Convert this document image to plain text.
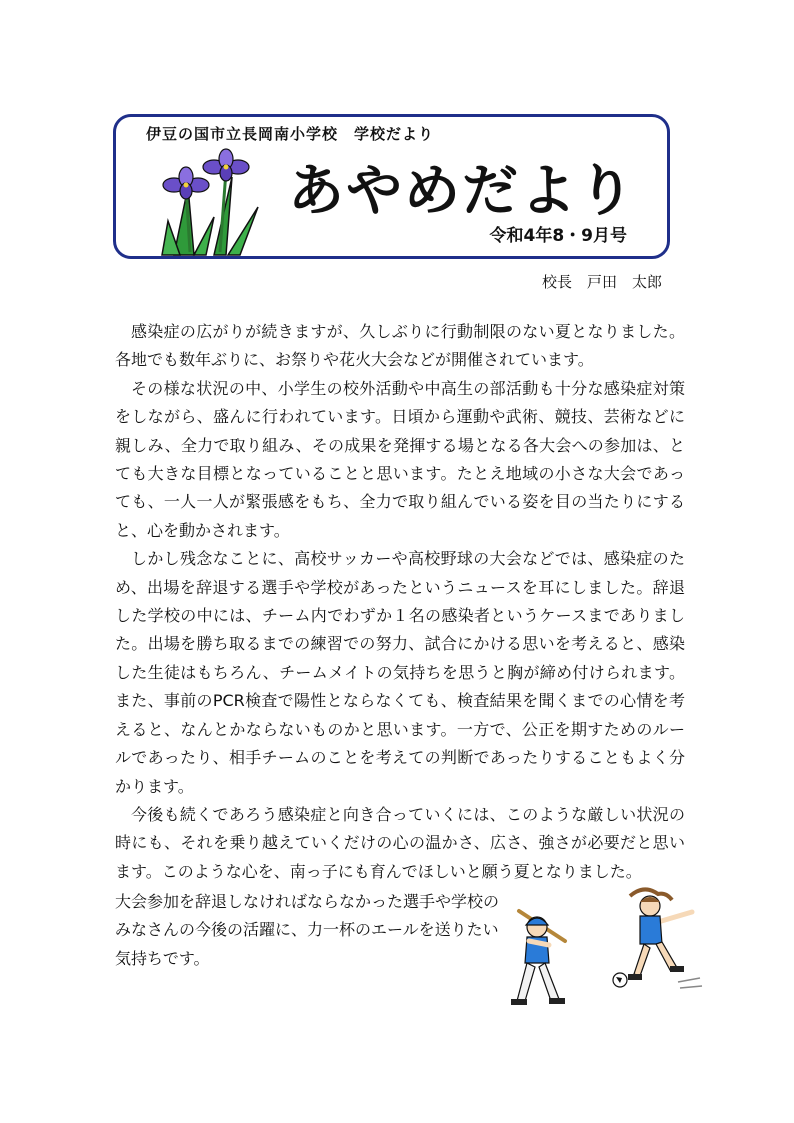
伊豆の国市立長岡南小学校　学校だより
あやめだより
令和4年8・9月号
校長　戸田　太郎

感染症の広がりが続きますが、久しぶりに行動制限のない夏となりました。各地でも数年ぶりに、お祭りや花火大会などが開催されています。

その様な状況の中、小学生の校外活動や中高生の部活動も十分な感染症対策をしながら、盛んに行われています。日頃から運動や武術、競技、芸術などに親しみ、全力で取り組み、その成果を発揮する場となる各大会への参加は、とても大きな目標となっていることと思います。たとえ地域の小さな大会であっても、一人一人が緊張感をもち、全力で取り組んでいる姿を目の当たりにすると、心を動かされます。

しかし残念なことに、高校サッカーや高校野球の大会などでは、感染症のため、出場を辞退する選手や学校があったというニュースを耳にしました。辞退した学校の中には、チーム内でわずか１名の感染者というケースまでありました。出場を勝ち取るまでの練習での努力、試合にかける思いを考えると、感染した生徒はもちろん、チームメイトの気持ちを思うと胸が締め付けられます。また、事前のPCR検査で陽性とならなくても、検査結果を聞くまでの心情を考えると、なんとかならないものかと思います。一方で、公正を期すためのルールであったり、相手チームのことを考えての判断であったりすることもよく分かります。

今後も続くであろう感染症と向き合っていくには、このような厳しい状況の時にも、それを乗り越えていくだけの心の温かさ、広さ、強さが必要だと思います。このような心を、南っ子にも育んでほしいと願う夏となりました。

大会参加を辞退しなければならなかった選手や学校のみなさんの今後の活躍に、力一杯のエールを送りたい気持ちです。
